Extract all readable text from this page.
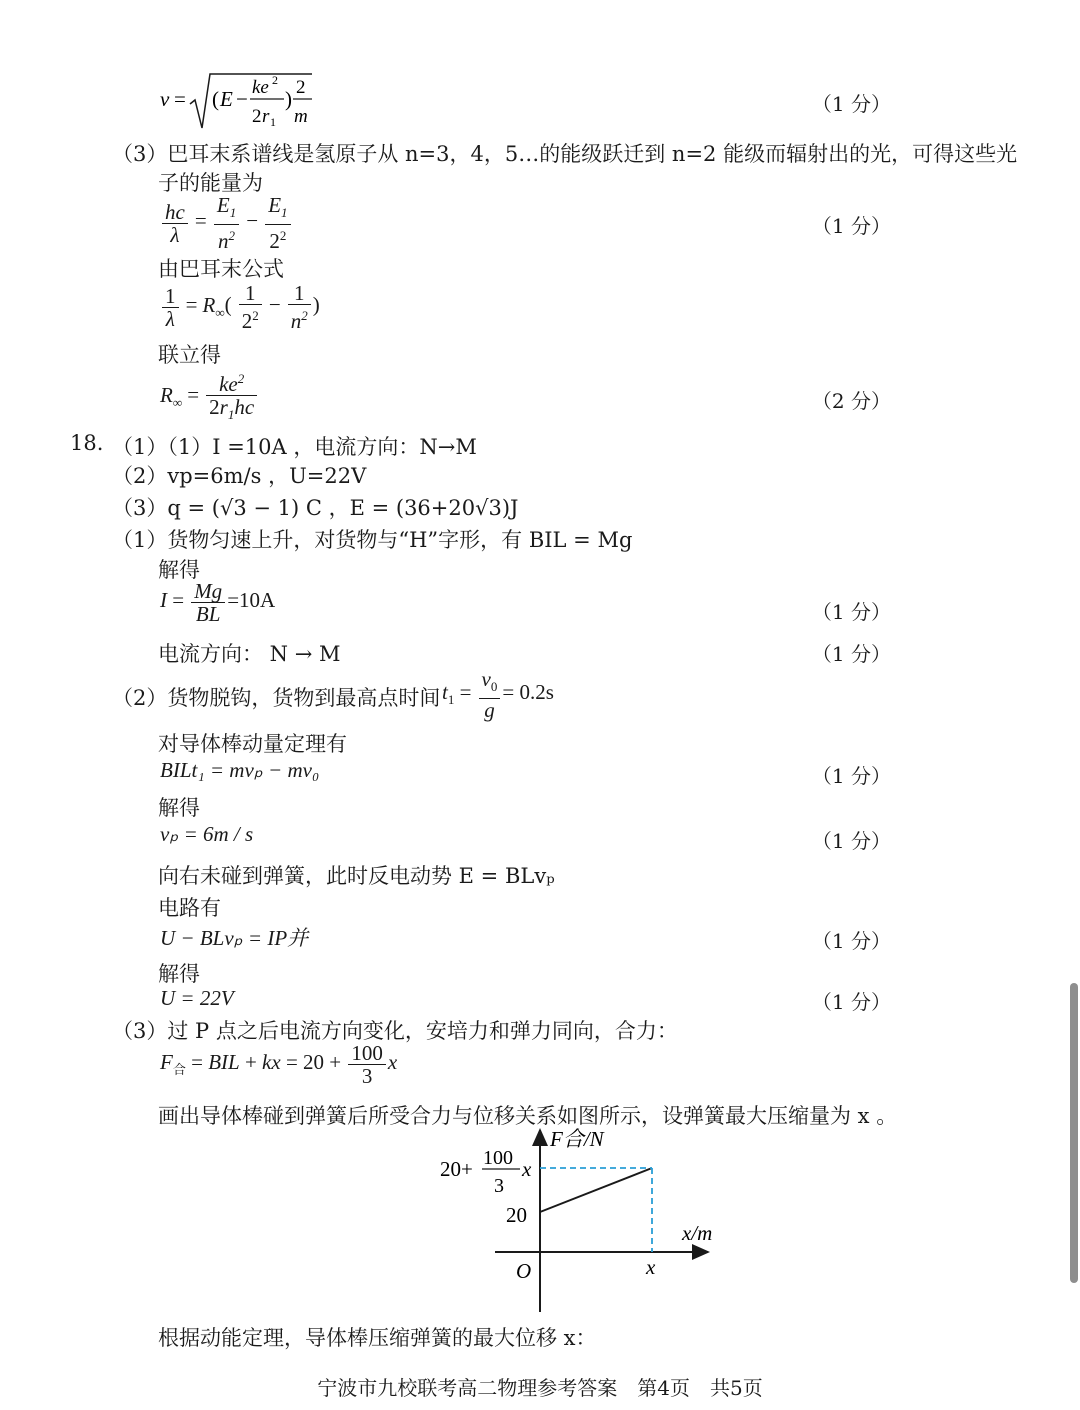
v = ( E − ke 2
2 r 1
) 2
m
（1 分）
（3）巴耳末系谱线是氢原子从 n=3，4，5…的能级跃迁到 n=2 能级而辐射出的光，可得这些光
子的能量为
$\frac{hc}{\lambda} = \frac{E_1}{n^2} - \frac{E_1}{2^2}$	（1 分）
由巴耳末公式
$\frac{1}{\lambda} = R_\infty( \frac{1}{2^2} - \frac{1}{n^2}$ )
联立得
$R_\infty = \frac{ke^2}{2r_1hc}$	（2 分）
18. （1）（1）I =10A ，电流方向：N→M
（2）vp=6m/s ，U=22V
（3）q = (√3 − 1) C ，E = (36+20√3)J
（1）货物匀速上升，对货物与“H”字形，有 BIL = Mg
解得
$I = \frac{Mg}{BL} =10A$	（1 分）
电流方向： N → M	（1 分）
（2）货物脱钩，货物到最高点时间 $t_1 = \frac{v_0}{g} = 0.2s$
对导体棒动量定理有
BILt₁ = mvₚ − mv₀	（1 分）
解得
vₚ = 6m / s	（1 分）
向右未碰到弹簧，此时反电动势 E = BLvₚ
电路有
U − BLvₚ = IP并	（1 分）
解得
U = 22V	（1 分）
（3）过 P 点之后电流方向变化，安培力和弹力同向，合力：
$F_合$ = BIL + kx = $20 + \frac{100}{3}$ x
画出导体棒碰到弹簧后所受合力与位移关系如图所示，设弹簧最大压缩量为 x 。
F合/N
x/m
O
20
20+ 100
3
x
x
根据动能定理，导体棒压缩弹簧的最大位移 x：
宁波市九校联考高二物理参考答案　第4页　共5页
